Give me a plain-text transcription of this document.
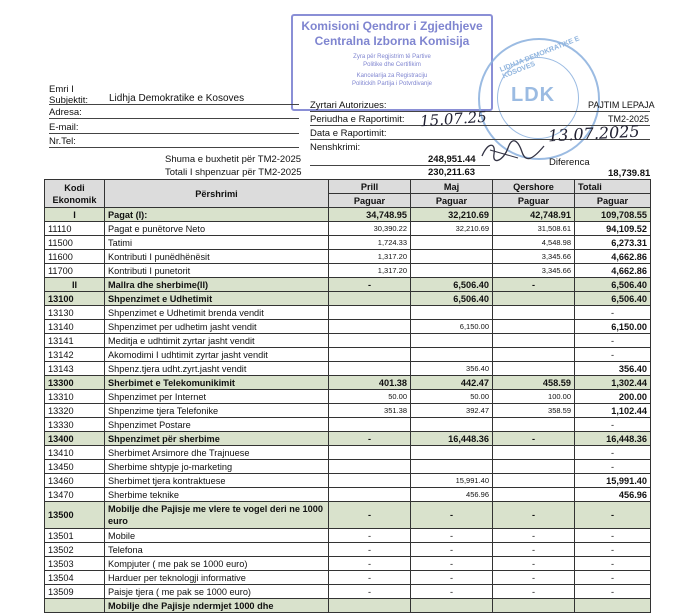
Komisioni Qendror i Zgjedhjeve
Centralna Izborna Komisija
Zyra për Regjistrim të Partive
Politike dhe Certifikim
Kancelarija za Registraciju
Politickih Partija i Potvrdivanje
LIDHJA DEMOKRATIKE E KOSOVES
LDK
Emri I Subjektit:	Lidhja Demokratike e Kosoves
Adresa:
E-mail:
Nr.Tel:
Zyrtari Autorizues:
Periudha e Raportimit:
Data e Raportimit:
Nenshkrimi:
PAJTIM LEPAJA
TM2-2025
15.07.25
13.07.2025
Shuma e buxhetit për TM2-2025	248,951.44
Totali I shpenzuar për TM2-2025	230,211.63
Diferenca
18,739.81
Kodi Ekonomik	Përshrimi	Prill	Maj	Qershore	Totali
		Paguar	Paguar	Paguar	Paguar
I	Pagat (I):	34,748.95	32,210.69	42,748.91	109,708.55
11110	Pagat e punëtorve Neto	30,390.22	32,210.69	31,508.61	94,109.52
11500	Tatimi	1,724.33		4,548.98	6,273.31
11600	Kontributi I punëdhënësit	1,317.20		3,345.66	4,662.86
11700	Kontributi I punetorit	1,317.20		3,345.66	4,662.86
II	Mallra dhe sherbime(II)	-	6,506.40	-	6,506.40
13100	Shpenzimet e Udhetimit		6,506.40		6,506.40
13130	Shpenzimet e Udhetimit brenda vendit				-
13140	Shpenzimet per udhetim jasht vendit		6,150.00		6,150.00
13141	Meditja e udhtimit zyrtar jasht vendit				-
13142	Akomodimi I udhtimit zyrtar jasht vendit				-
13143	Shpenz.tjera udht.zyrt.jasht vendit		356.40		356.40
13300	Sherbimet e Telekomunikimit	401.38	442.47	458.59	1,302.44
13310	Shpenzimet per Internet	50.00	50.00	100.00	200.00
13320	Shpenzime tjera Telefonike	351.38	392.47	358.59	1,102.44
13330	Shpenzimet Postare				-
13400	Shpenzimet për sherbime	-	16,448.36	-	16,448.36
13410	Sherbimet Arsimore dhe Trajnuese				-
13450	Sherbime shtypje jo-marketing				-
13460	Sherbimet tjera kontraktuese		15,991.40		15,991.40
13470	Sherbime teknike		456.96		456.96
13500	Mobilje dhe Pajisje me vlere te vogel deri ne 1000 euro	-	-	-	-
13501	Mobile	-	-	-	-
13502	Telefona	-	-	-	-
13503	Kompjuter ( me pak se 1000 euro)	-	-	-	-
13504	Harduer per teknologji informative	-	-	-	-
13509	Paisje tjera ( me pak se 1000 euro)	-	-	-	-
	Mobilje dhe Pajisje ndermjet 1000 dhe				
